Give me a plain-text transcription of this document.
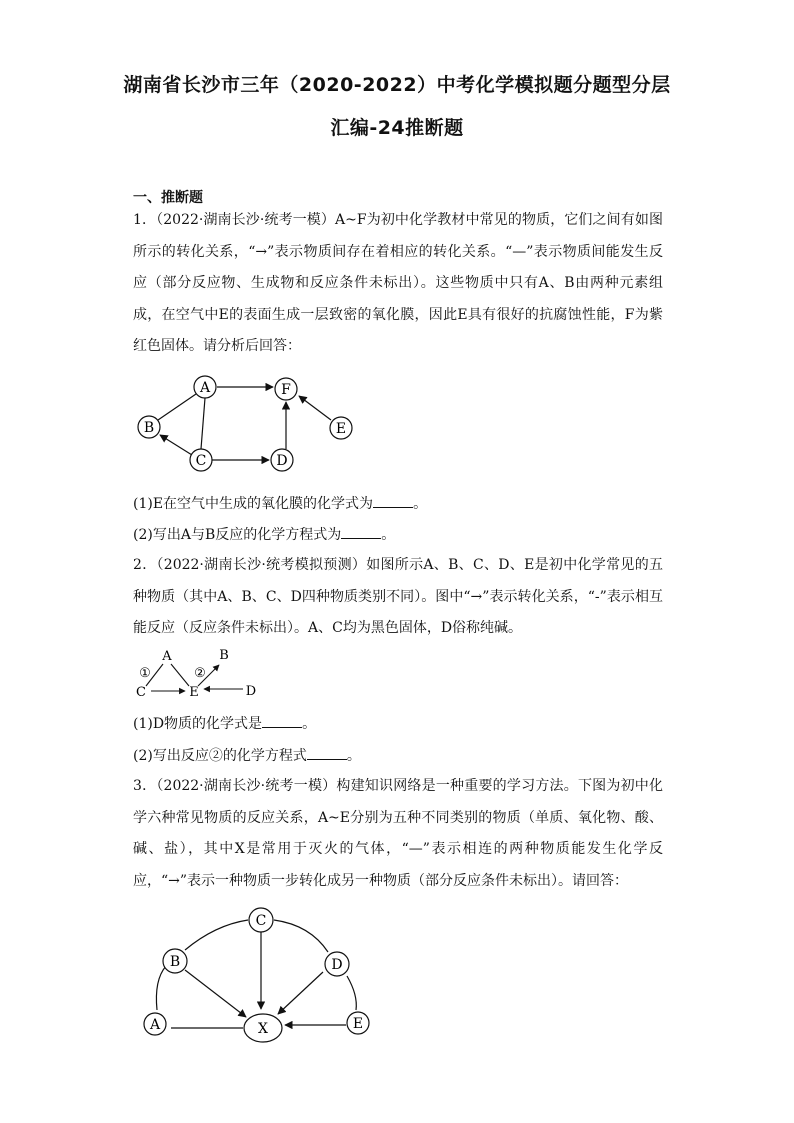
湖南省长沙市三年（2020-2022）中考化学模拟题分题型分层
汇编-24推断题
一、推断题
1．（2022·湖南长沙·统考一模）A~F为初中化学教材中常见的物质，它们之间有如图所示的转化关系，“→”表示物质间存在着相应的转化关系。“—”表示物质间能发生反应（部分反应物、生成物和反应条件未标出）。这些物质中只有A、B由两种元素组成，在空气中E的表面生成一层致密的氧化膜，因此E具有很好的抗腐蚀性能，F为紫红色固体。请分析后回答：
A
B
C	D
E
F
(1)E在空气中生成的氧化膜的化学式为	。
(2)写出A与B反应的化学方程式为	。
2．（2022·湖南长沙·统考模拟预测）如图所示A、B、C、D、E是初中化学常见的五种物质（其中A、B、C、D四种物质类别不同）。图中“→”表示转化关系，“-”表示相互能反应（反应条件未标出）。A、C均为黑色固体，D俗称纯碱。
A	B
C	E	D
①	②
(1)D物质的化学式是	。
(2)写出反应②的化学方程式	。
3．（2022·湖南长沙·统考一模）构建知识网络是一种重要的学习方法。下图为初中化学六种常见物质的反应关系，A~E分别为五种不同类别的物质（单质、氧化物、酸、碱、盐），其中X是常用于灭火的气体，“—”表示相连的两种物质能发生化学反应，“→”表示一种物质一步转化成另一种物质（部分反应条件未标出）。请回答：
A
B
C
D
E
X
